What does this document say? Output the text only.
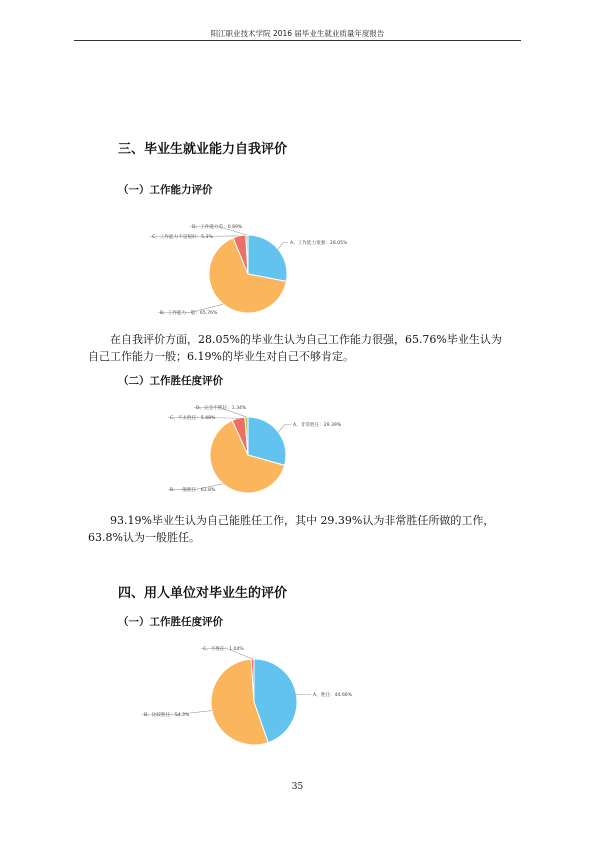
阳江职业技术学院 2016 届毕业生就业质量年度报告
三、毕业生就业能力自我评价
（一）工作能力评价
A、工作能力很强：28.05%
B、工作能力一般：65.76%
C、工作能力不是很好：5.3%
D、工作能力差：0.89%

在自我评价方面，28.05%的毕业生认为自己工作能力很强，65.76%毕业生认为

自己工作能力一般；6.19%的毕业生对自己不够肯定。

（二）工作胜任度评价
A、非常胜任：29.39%
B、一般胜任：63.8%
C、不太胜任：5.48%
D、完全不胜任：1.34%

93.19%毕业生认为自己能胜任工作，其中 29.39%认为非常胜任所做的工作，

63.8%认为一般胜任。

四、用人单位对毕业生的评价
（一）工作胜任度评价
A、胜任：44.66%
B、比较胜任：54.3%
C、不胜任：1.04%
35
